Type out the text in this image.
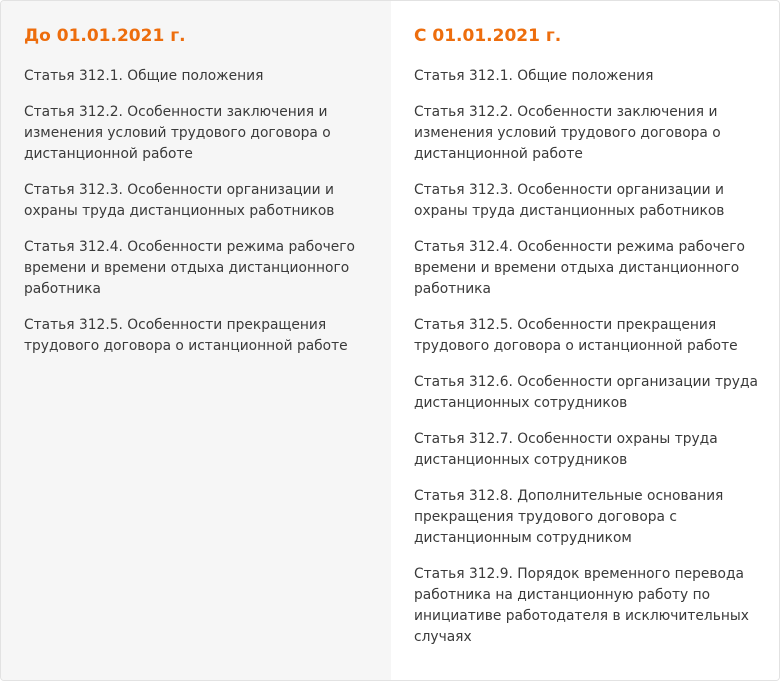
До 01.01.2021 г.
Статья 312.1. Общие положения
Статья 312.2. Особенности заключения и изменения условий трудового договора о дистанционной работе
Статья 312.3. Особенности организации и охраны труда дистанционных работников
Статья 312.4. Особенности режима рабочего времени и времени отдыха дистанционного работника
Статья 312.5. Особенности прекращения трудового договора о истанционной работе
С 01.01.2021 г.
Статья 312.1. Общие положения
Статья 312.2. Особенности заключения и изменения условий трудового договора о дистанционной работе
Статья 312.3. Особенности организации и охраны труда дистанционных работников
Статья 312.4. Особенности режима рабочего времени и времени отдыха дистанционного работника
Статья 312.5. Особенности прекращения трудового договора о истанционной работе
Статья 312.6. Особенности организации труда дистанционных сотрудников
Статья 312.7. Особенности охраны труда дистанционных сотрудников
Статья 312.8. Дополнительные основания прекращения трудового договора с дистанционным сотрудником
Статья 312.9. Порядок временного перевода работника на дистанционную работу по инициативе работодателя в исключительных случаях
